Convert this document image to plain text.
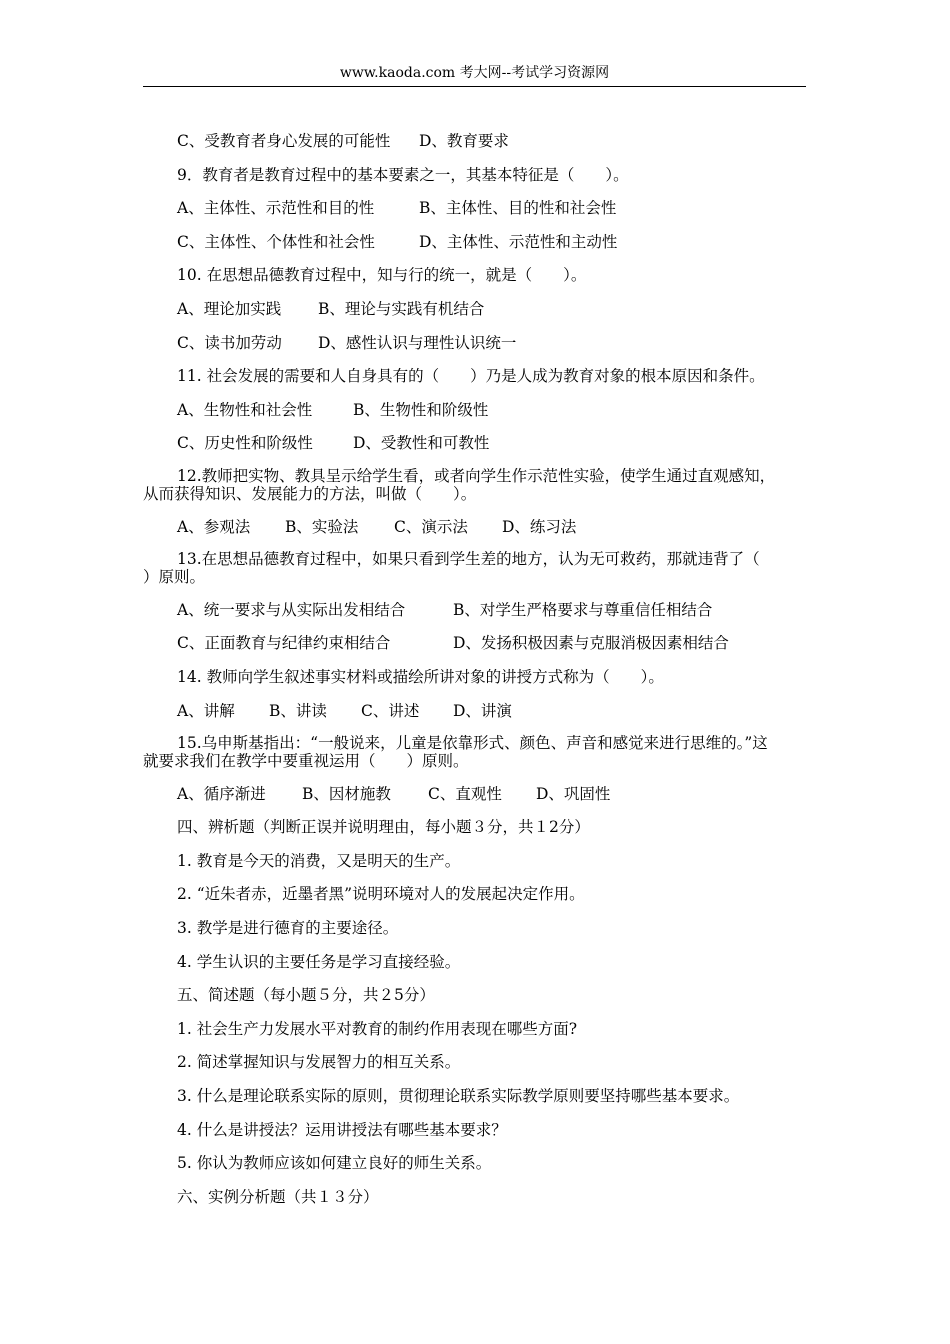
www.kaoda.com 考大网--考试学习资源网
C、受教育者身心发展的可能性 D、教育要求
9．教育者是教育过程中的基本要素之一，其基本特征是（　　）。
A、主体性、示范性和目的性	B、主体性、目的性和社会性
C、主体性、个体性和社会性	D、主体性、示范性和主动性
10. 在思想品德教育过程中，知与行的统一，就是（　　）。
A、理论加实践 B、理论与实践有机结合
C、读书加劳动 D、感性认识与理性认识统一
11. 社会发展的需要和人自身具有的（　　）乃是人成为教育对象的根本原因和条件。
A、生物性和社会性	B、生物性和阶级性
C、历史性和阶级性	D、受教性和可教性
12.教师把实物、教具呈示给学生看，或者向学生作示范性实验，使学生通过直观感知，
从而获得知识、发展能力的方法，叫做（　　）。
A、参观法 B、实验法 C、演示法 D、练习法
13.在思想品德教育过程中，如果只看到学生差的地方，认为无可救药，那就违背了（
）原则。
A、统一要求与从实际出发相结合	B、对学生严格要求与尊重信任相结合
C、正面教育与纪律约束相结合	D、发扬积极因素与克服消极因素相结合
14. 教师向学生叙述事实材料或描绘所讲对象的讲授方式称为（　　）。
A、讲解 B、讲读 C、讲述 D、讲演
15.乌申斯基指出：“一般说来，儿童是依靠形式、颜色、声音和感觉来进行思维的。”这
就要求我们在教学中要重视运用（　　）原则。
A、循序渐进 B、因材施教 C、直观性 D、巩固性
四、辨析题（判断正误并说明理由，每小题３分，共１2分）
1. 教育是今天的消费，又是明天的生产。
2. “近朱者赤，近墨者黑”说明环境对人的发展起决定作用。
3. 教学是进行德育的主要途径。
4. 学生认识的主要任务是学习直接经验。
五、简述题（每小题５分，共２5分）
1. 社会生产力发展水平对教育的制约作用表现在哪些方面?
2. 简述掌握知识与发展智力的相互关系。
3. 什么是理论联系实际的原则，贯彻理论联系实际教学原则要坚持哪些基本要求。
4. 什么是讲授法？运用讲授法有哪些基本要求？
5. 你认为教师应该如何建立良好的师生关系。
六、实例分析题（共１３分）
